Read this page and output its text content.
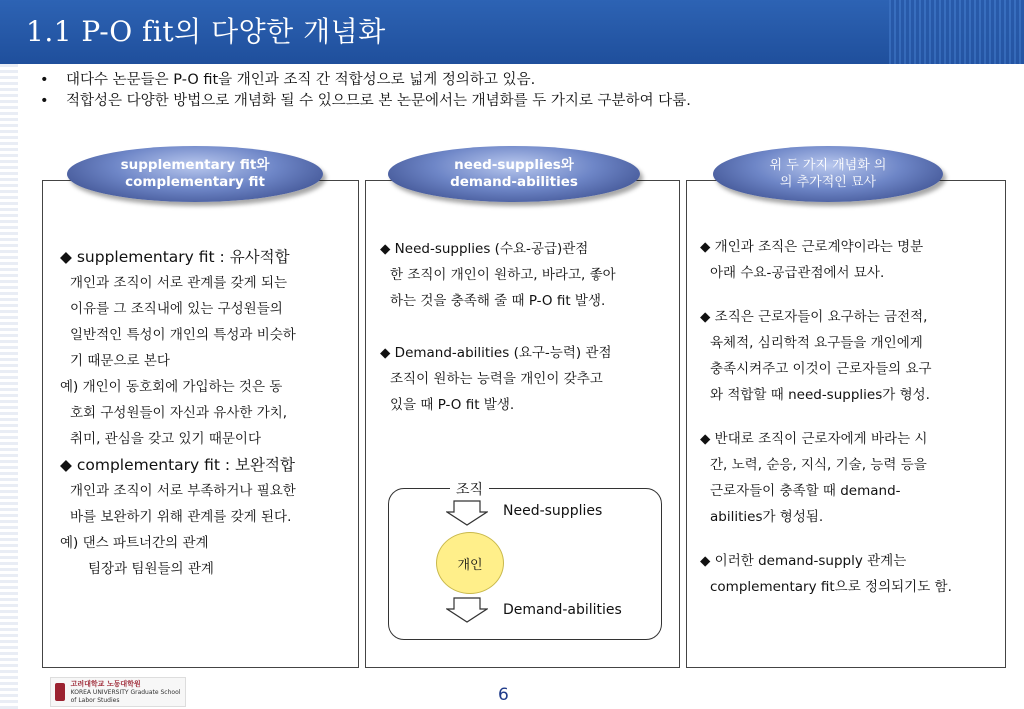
1.1 P-O fit의 다양한 개념화
• 대다수 논문들은 P-O fit을 개인과 조직 간 적합성으로 넓게 정의하고 있음.
• 적합성은 다양한 방법으로 개념화 될 수 있으므로 본 논문에서는 개념화를 두 가지로 구분하여 다룸.
supplementary fit와
complementary fit
◆ supplementary fit : 유사적합
개인과 조직이 서로 관계를 갖게 되는
이유를 그 조직내에 있는 구성원들의
일반적인 특성이 개인의 특성과 비슷하
기 때문으로 본다
예) 개인이 동호회에 가입하는 것은 동
호회 구성원들이 자신과 유사한 가치,
취미, 관심을 갖고 있기 때문이다
◆ complementary fit : 보완적합
개인과 조직이 서로 부족하거나 필요한
바를 보완하기 위해 관계를 갖게 된다.
예) 댄스 파트너간의 관계
팀장과 팀원들의 관계
need-supplies와
demand-abilities
◆ Need-supplies (수요-공급)관점
한 조직이 개인이 원하고, 바라고, 좋아
하는 것을 충족해 줄 때 P-O fit 발생.
◆ Demand-abilities (요구-능력) 관점
조직이 원하는 능력을 개인이 갖추고
있을 때 P-O fit 발생.
조직
Need-supplies
개인
Demand-abilities
위 두 가지 개념화 의
의 추가적인 묘사
◆ 개인과 조직은 근로계약이라는 명분
아래 수요-공급관점에서 묘사.
◆ 조직은 근로자들이 요구하는 금전적,
육체적, 심리학적 요구들을 개인에게
충족시켜주고 이것이 근로자들의 요구
와 적합할 때 need-supplies가 형성.
◆ 반대로 조직이 근로자에게 바라는 시
간, 노력, 순응, 지식, 기술, 능력 등을
근로자들이 충족할 때 demand-
abilities가 형성됨.
◆ 이러한 demand-supply 관계는
complementary fit으로 정의되기도 함.
고려대학교 노동대학원
KOREA UNIVERSITY Graduate School of Labor Studies	6
